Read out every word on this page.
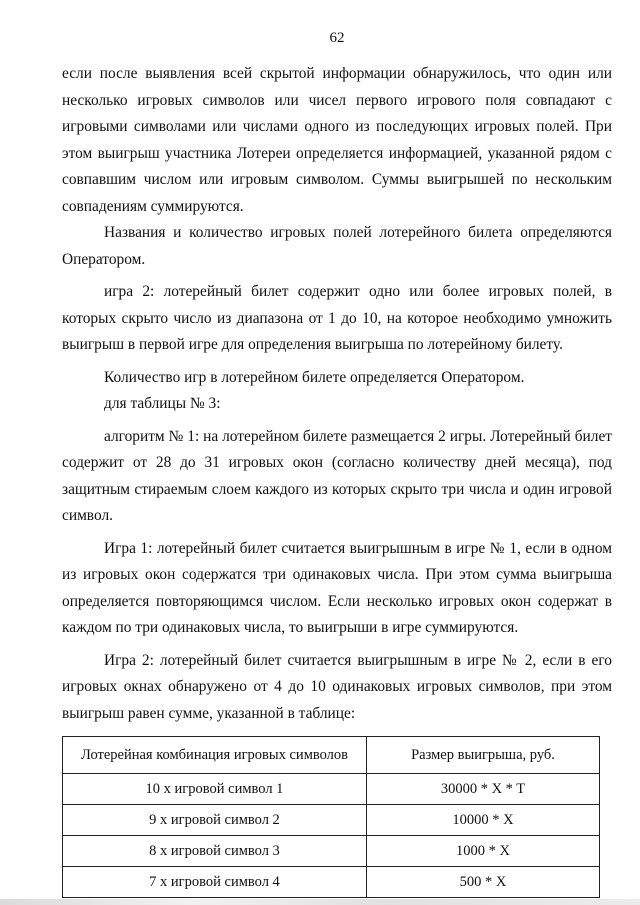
62

если после выявления всей скрытой информации обнаружилось, что один или несколько игровых символов или чисел первого игрового поля совпадают с игровыми символами или числами одного из последующих игровых полей. При этом выигрыш участника Лотереи определяется информацией, указанной рядом с совпавшим числом или игровым символом. Суммы выигрышей по нескольким совпадениям суммируются.

Названия и количество игровых полей лотерейного билета определяются Оператором.

игра 2: лотерейный билет содержит одно или более игровых полей, в которых скрыто число из диапазона от 1 до 10, на которое необходимо умножить выигрыш в первой игре для определения выигрыша по лотерейному билету.

Количество игр в лотерейном билете определяется Оператором.

для таблицы № 3:

алгоритм № 1: на лотерейном билете размещается 2 игры. Лотерейный билет содержит от 28 до 31 игровых окон (согласно количеству дней месяца), под защитным стираемым слоем каждого из которых скрыто три числа и один игровой символ.

Игра 1: лотерейный билет считается выигрышным в игре № 1, если в одном из игровых окон содержатся три одинаковых числа. При этом сумма выигрыша определяется повторяющимся числом. Если несколько игровых окон содержат в каждом по три одинаковых числа, то выигрыши в игре суммируются.

Игра 2: лотерейный билет считается выигрышным в игре № 2, если в его игровых окнах обнаружено от 4 до 10 одинаковых игровых символов, при этом выигрыш равен сумме, указанной в таблице:

Лотерейная комбинация игровых символов	Размер выигрыша, руб.
10 х игровой символ 1	30000 * X * T
9 х игровой символ 2	10000 * X
8 х игровой символ 3	1000 * X
7 х игровой символ 4	500 * X
